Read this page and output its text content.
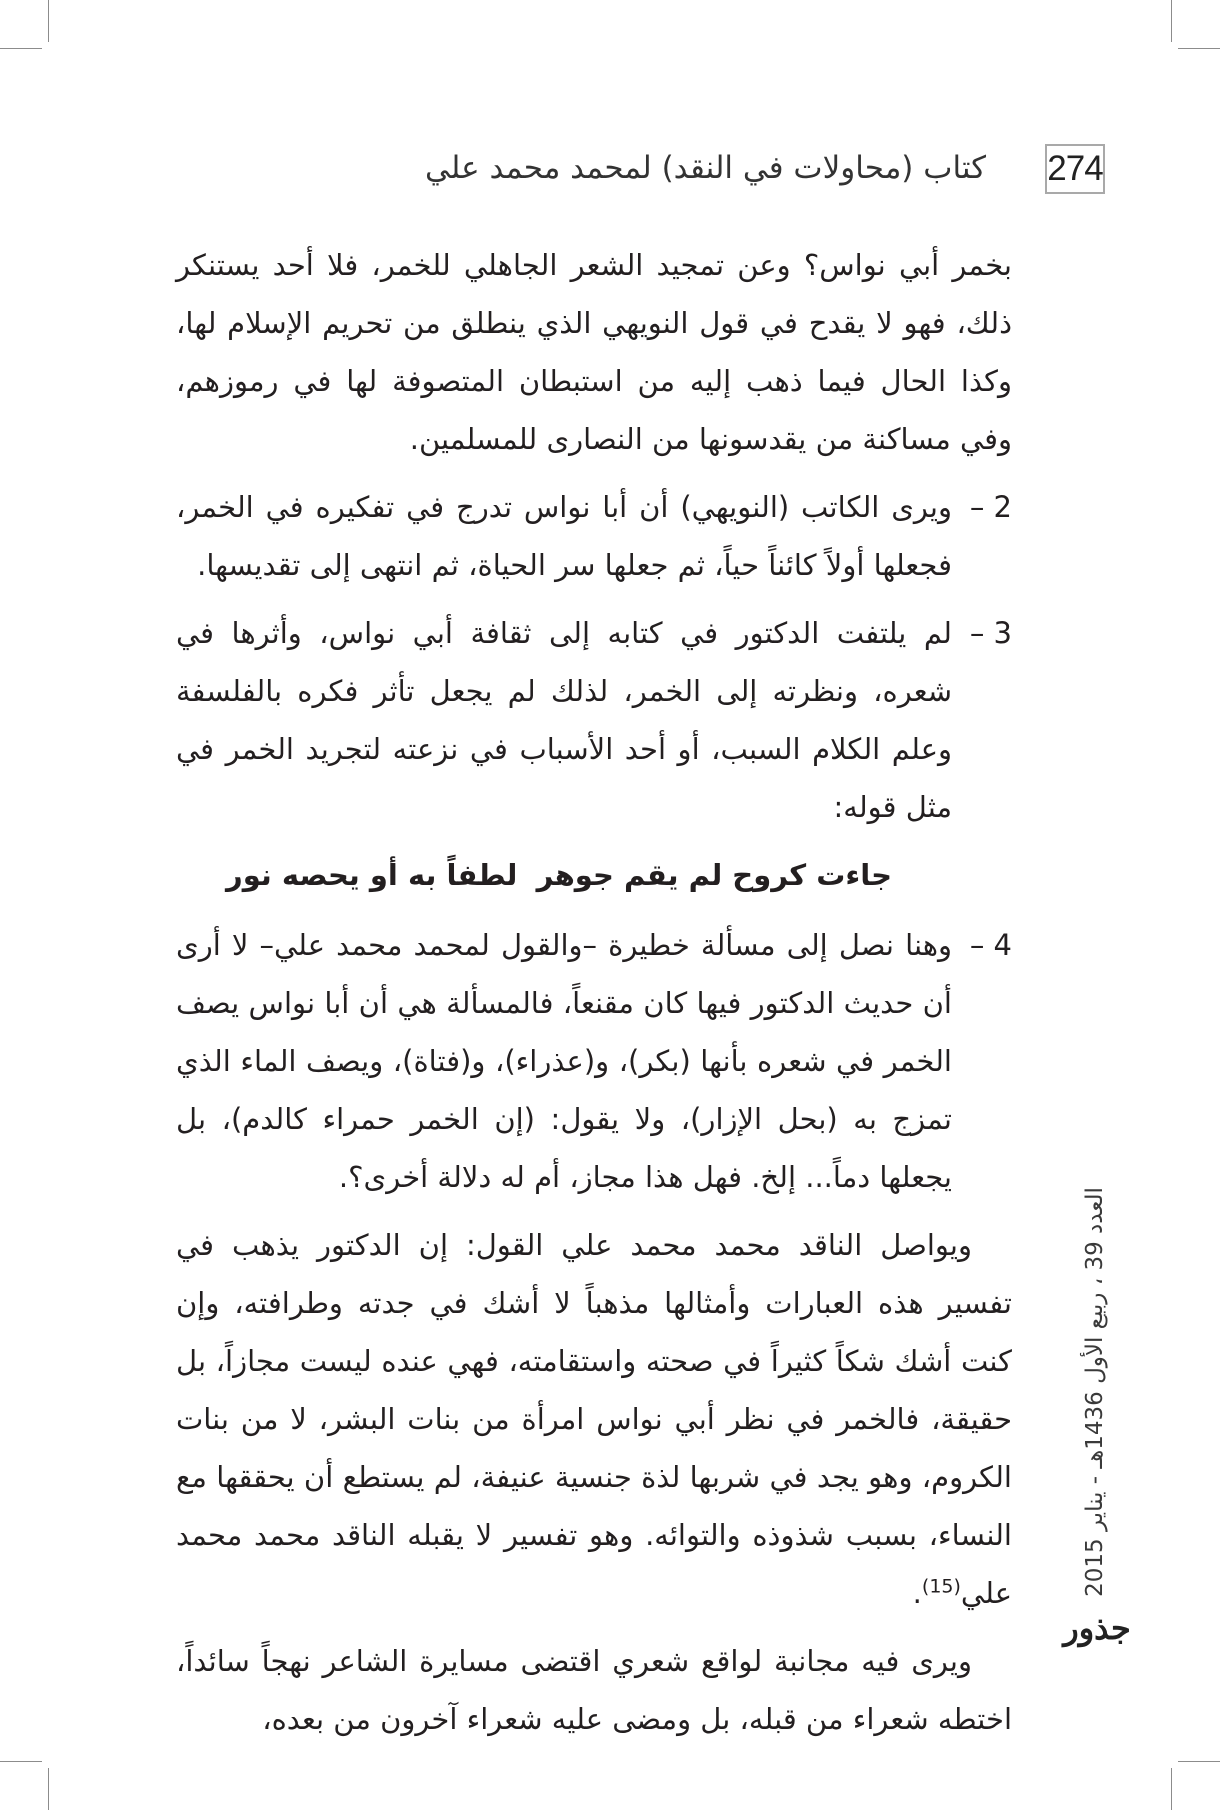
274
كتاب (محاولات في النقد) لمحمد محمد علي

بخمر أبي نواس؟ وعن تمجيد الشعر الجاهلي للخمر، فلا أحد يستنكر ذلك، فهو لا يقدح في قول النويهي الذي ينطلق من تحريم الإسلام لها، وكذا الحال فيما ذهب إليه من استبطان المتصوفة لها في رموزهم، وفي مساكنة من يقدسونها من النصارى للمسلمين.

2 –
ويرى الكاتب (النويهي) أن أبا نواس تدرج في تفكيره في الخمر، فجعلها أولاً كائناً حياً، ثم جعلها سر الحياة، ثم انتهى إلى تقديسها.
3 –
لم يلتفت الدكتور في كتابه إلى ثقافة أبي نواس، وأثرها في شعره، ونظرته إلى الخمر، لذلك لم يجعل تأثر فكره بالفلسفة وعلم الكلام السبب، أو أحد الأسباب في نزعته لتجريد الخمر في مثل قوله:
جاءت كروح لم يقم جوهر
لطفاً به أو يحصه نور
4 –
وهنا نصل إلى مسألة خطيرة –والقول لمحمد محمد علي– لا أرى أن حديث الدكتور فيها كان مقنعاً، فالمسألة هي أن أبا نواس يصف الخمر في شعره بأنها (بكر)، و(عذراء)، و(فتاة)، ويصف الماء الذي تمزج به (بحل الإزار)، ولا يقول: (إن الخمر حمراء كالدم)، بل يجعلها دماً... إلخ. فهل هذا مجاز، أم له دلالة أخرى؟.

ويواصل الناقد محمد محمد علي القول: إن الدكتور يذهب في تفسير هذه العبارات وأمثالها مذهباً لا أشك في جدته وطرافته، وإن كنت أشك شكاً كثيراً في صحته واستقامته، فهي عنده ليست مجازاً، بل حقيقة، فالخمر في نظر أبي نواس امرأة من بنات البشر، لا من بنات الكروم، وهو يجد في شربها لذة جنسية عنيفة، لم يستطع أن يحققها مع النساء، بسبب شذوذه والتوائه. وهو تفسير لا يقبله الناقد محمد محمد علي$^{(15)}$.

ويرى فيه مجانبة لواقع شعري اقتضى مسايرة الشاعر نهجاً سائداً، اختطه شعراء من قبله، بل ومضى عليه شعراء آخرون من بعده،

العدد 39 ، ربيع الأول 1436هـ - يناير 2015
جذور
